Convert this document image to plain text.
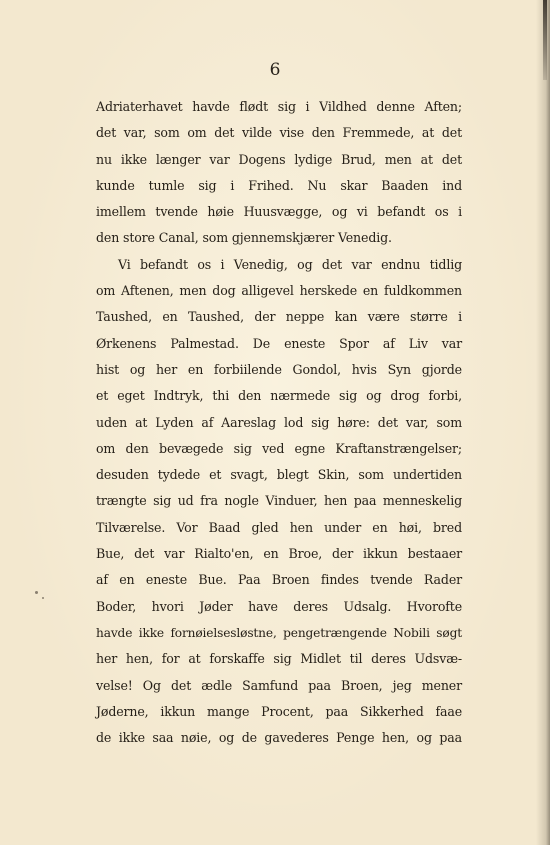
6
Adriaterhavet havde flødt sig i Vildhed denne Aften;
det var, som om det vilde vise den Fremmede, at det
nu ikke længer var Dogens lydige Brud, men at det
kunde tumle sig i Frihed. Nu skar Baaden ind
imellem tvende høie Huusvægge, og vi befandt os i
den store Canal, som gjennemskjærer Venedig.
Vi befandt os i Venedig, og det var endnu tidlig
om Aftenen, men dog alligevel herskede en fuldkommen
Taushed, en Taushed, der neppe kan være større i
Ørkenens Palmestad. De eneste Spor af Liv var
hist og her en forbiilende Gondol, hvis Syn gjorde
et eget Indtryk, thi den nærmede sig og drog forbi,
uden at Lyden af Aareslag lod sig høre: det var, som
om den bevægede sig ved egne Kraftanstrængelser;
desuden tydede et svagt, blegt Skin, som undertiden
trængte sig ud fra nogle Vinduer, hen paa menneskelig
Tilværelse. Vor Baad gled hen under en høi, bred
Bue, det var Rialto'en, en Broe, der ikkun bestaaer
af en eneste Bue. Paa Broen findes tvende Rader
Boder, hvori Jøder have deres Udsalg. Hvorofte
havde ikke fornøielsesløstne, pengetrængende Nobili søgt
her hen, for at forskaffe sig Midlet til deres Udsvæ-
velse! Og det ædle Samfund paa Broen, jeg mener
Jøderne, ikkun mange Procent, paa Sikkerhed faae
de ikke saa nøie, og de gavederes Penge hen, og paa
